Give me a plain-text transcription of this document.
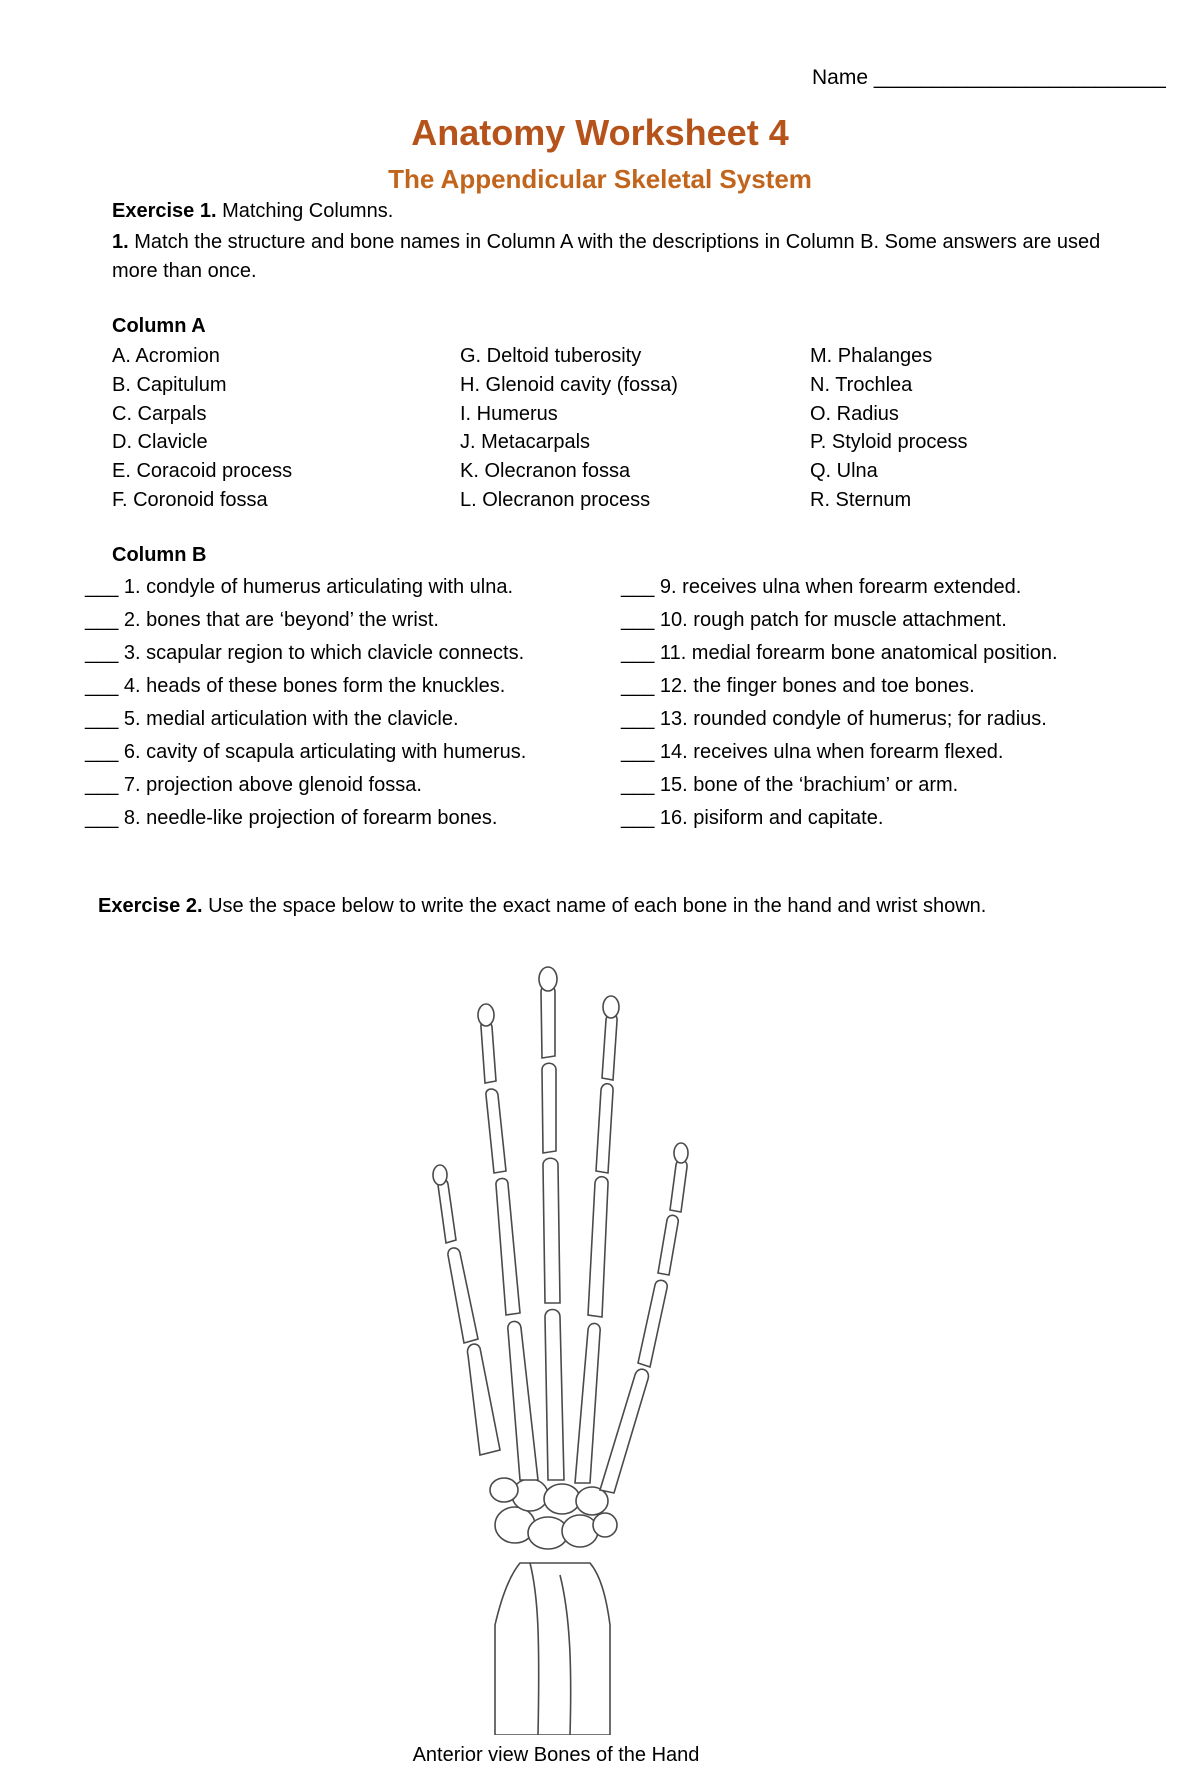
Name _________________________
Anatomy Worksheet 4
The Appendicular Skeletal System
Exercise 1. Matching Columns.
1. Match the structure and bone names in Column A with the descriptions in Column B. Some answers are used more than once.
Column A
A. Acromion
B. Capitulum
C. Carpals
D. Clavicle
E. Coracoid process
F. Coronoid fossa
G. Deltoid tuberosity
H. Glenoid cavity (fossa)
I. Humerus
J. Metacarpals
K. Olecranon fossa
L. Olecranon process
M. Phalanges
N. Trochlea
O. Radius
P. Styloid process
Q. Ulna
R. Sternum
Column B
___ 1. condyle of humerus articulating with ulna.
___ 2. bones that are ‘beyond’ the wrist.
___ 3. scapular region to which clavicle connects.
___ 4. heads of these bones form the knuckles.
___ 5. medial articulation with the clavicle.
___ 6. cavity of scapula articulating with humerus.
___ 7. projection above glenoid fossa.
___ 8. needle-like projection of forearm bones.
___ 9. receives ulna when forearm extended.
___ 10. rough patch for muscle attachment.
___ 11. medial forearm bone anatomical position.
___ 12. the finger bones and toe bones.
___ 13. rounded condyle of humerus; for radius.
___ 14. receives ulna when forearm flexed.
___ 15. bone of the ‘brachium’ or arm.
___ 16. pisiform and capitate.
Exercise 2. Use the space below to write the exact name of each bone in the hand and wrist shown.
Anterior view Bones of the Hand
